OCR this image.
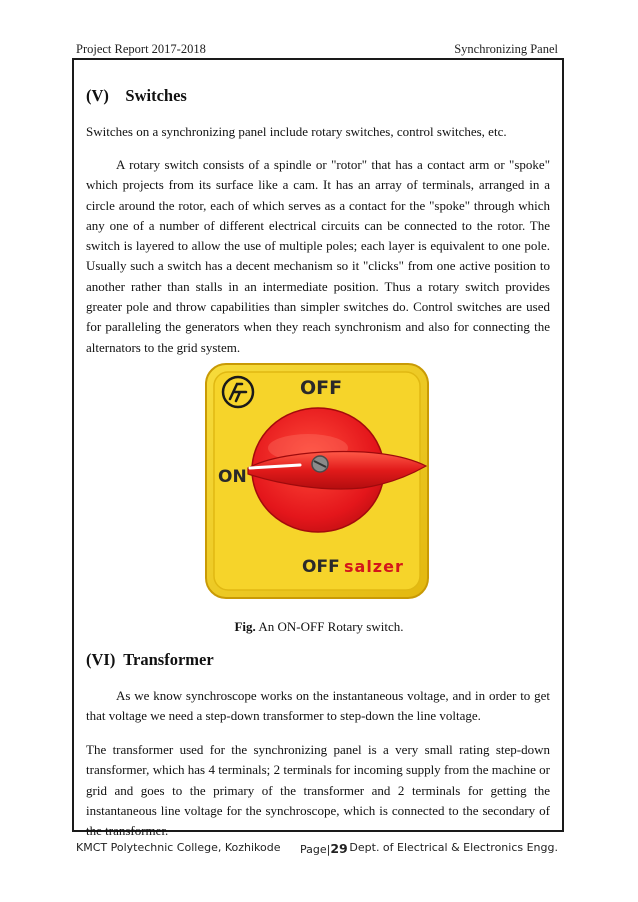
Project Report 2017-2018	Synchronizing Panel
(V)    Switches

Switches on a synchronizing panel include rotary switches, control switches, etc.

A rotary switch consists of a spindle or "rotor" that has a contact arm or "spoke" which projects from its surface like a cam. It has an array of terminals, arranged in a circle around the rotor, each of which serves as a contact for the "spoke" through which any one of a number of different electrical circuits can be connected to the rotor. The switch is layered to allow the use of multiple poles; each layer is equivalent to one pole. Usually such a switch has a decent mechanism so it "clicks" from one active position to another rather than stalls in an intermediate position. Thus a rotary switch provides greater pole and throw capabilities than simpler switches do. Control switches are used for paralleling the generators when they reach synchronism and also for connecting the alternators to the grid system.

OFF
ON
OFF salzer
Fig. An ON-OFF Rotary switch.
(VI)  Transformer

As we know synchroscope works on the instantaneous voltage, and in order to get that voltage we need a step-down transformer to step-down the line voltage.

The transformer used for the synchronizing panel is a very small rating step-down transformer, which has 4 terminals; 2 terminals for incoming supply from the machine or grid and goes to the primary of the transformer and 2 terminals for getting the instantaneous line voltage for the synchroscope, which is connected to the secondary of the transformer.

KMCT Polytechnic College, Kozhikode Page|29 Dept. of Electrical & Electronics Engg.
